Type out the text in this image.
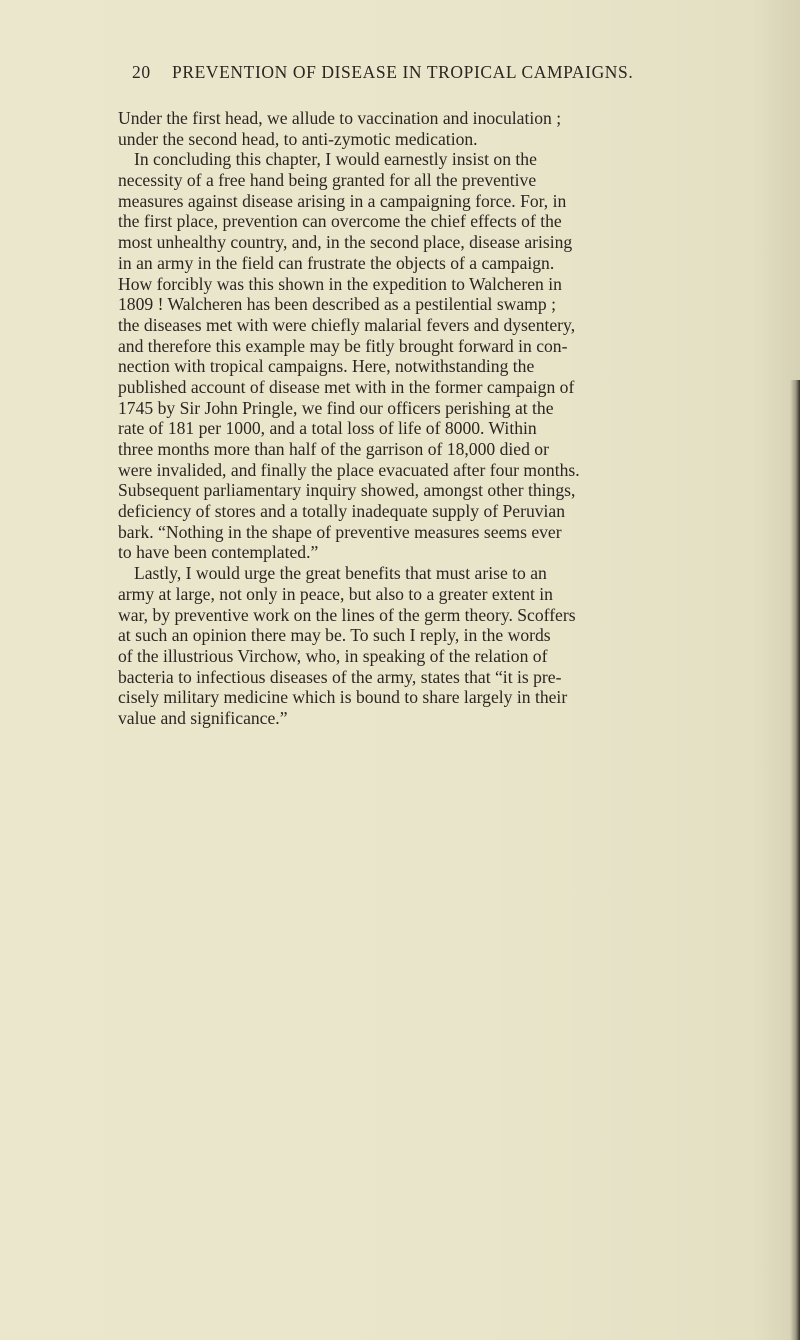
20 PREVENTION OF DISEASE IN TROPICAL CAMPAIGNS.
Under the first head, we allude to vaccination and inoculation ;
under the second head, to anti-zymotic medication.
In concluding this chapter, I would earnestly insist on the
necessity of a free hand being granted for all the preventive
measures against disease arising in a campaigning force. For, in
the first place, prevention can overcome the chief effects of the
most unhealthy country, and, in the second place, disease arising
in an army in the field can frustrate the objects of a campaign.
How forcibly was this shown in the expedition to Walcheren in
1809 ! Walcheren has been described as a pestilential swamp ;
the diseases met with were chiefly malarial fevers and dysentery,
and therefore this example may be fitly brought forward in con-
nection with tropical campaigns. Here, notwithstanding the
published account of disease met with in the former campaign of
1745 by Sir John Pringle, we find our officers perishing at the
rate of 181 per 1000, and a total loss of life of 8000. Within
three months more than half of the garrison of 18,000 died or
were invalided, and finally the place evacuated after four months.
Subsequent parliamentary inquiry showed, amongst other things,
deficiency of stores and a totally inadequate supply of Peruvian
bark. “Nothing in the shape of preventive measures seems ever
to have been contemplated.”
Lastly, I would urge the great benefits that must arise to an
army at large, not only in peace, but also to a greater extent in
war, by preventive work on the lines of the germ theory. Scoffers
at such an opinion there may be. To such I reply, in the words
of the illustrious Virchow, who, in speaking of the relation of
bacteria to infectious diseases of the army, states that “it is pre-
cisely military medicine which is bound to share largely in their
value and significance.”
